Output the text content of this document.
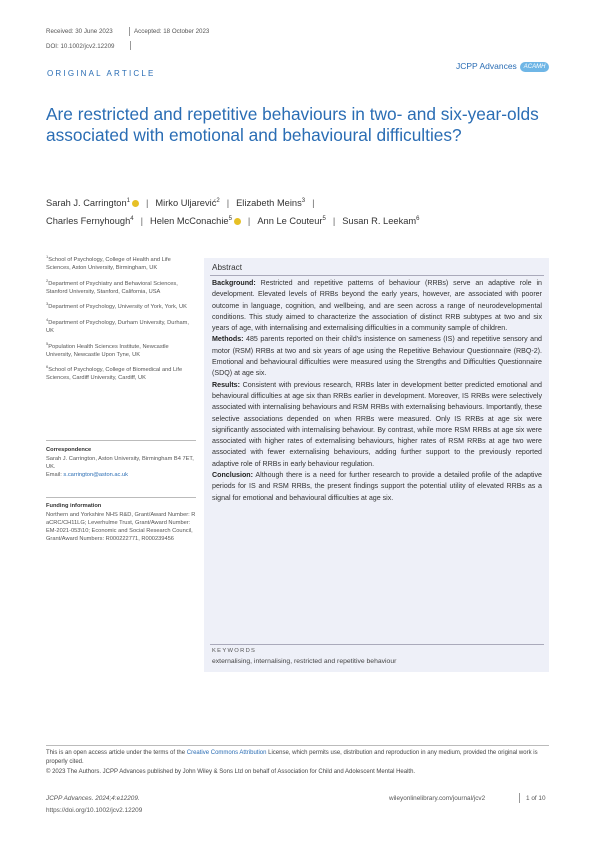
Received: 30 June 2023	Accepted: 18 October 2023
DOI: 10.1002/jcv2.12209
ORIGINAL ARTICLE
JCPP Advances ACAMH
Are restricted and repetitive behaviours in two- and six-year-olds associated with emotional and behavioural difficulties?
Sarah J. Carrington$^1$ | Mirko Uljarević$^2$ | Elizabeth Meins$^3$ |
Charles Fernyhough$^4$ | Helen McConachie$^5$ | Ann Le Couteur$^5$ | Susan R. Leekam$^6$

$^1$School of Psychology, College of Health and Life Sciences, Aston University, Birmingham, UK

$^2$Department of Psychiatry and Behavioral Sciences, Stanford University, Stanford, California, USA

$^3$Department of Psychology, University of York, York, UK

$^4$Department of Psychology, Durham University, Durham, UK

$^5$Population Health Sciences Institute, Newcastle University, Newcastle Upon Tyne, UK

$^6$School of Psychology, College of Biomedical and Life Sciences, Cardiff University, Cardiff, UK

Correspondence

Sarah J. Carrington, Aston University, Birmingham B4 7ET, UK.

Email: s.carrington@aston.ac.uk

Funding information

Northern and Yorkshire NHS R&D, Grant/Award Number: R aCRC/CH11LG; Leverhulme Trust, Grant/Award Number: EM-2021-053\10; Economic and Social Research Council, Grant/Award Numbers: R000222771, R000239456

Abstract

Background: Restricted and repetitive patterns of behaviour (RRBs) serve an adaptive role in development. Elevated levels of RRBs beyond the early years, however, are associated with poorer outcome in language, cognition, and wellbeing, and are seen across a range of neurodevelopmental conditions. This study aimed to characterize the association of distinct RRB subtypes at two and six years of age, with internalising and externalising difficulties in a community sample of children.

Methods: 485 parents reported on their child's insistence on sameness (IS) and repetitive sensory and motor (RSM) RRBs at two and six years of age using the Repetitive Behaviour Questionnaire (RBQ-2). Emotional and behavioural difficulties were measured using the Strengths and Difficulties Questionnaire (SDQ) at age six.

Results: Consistent with previous research, RRBs later in development better predicted emotional and behavioural difficulties at age six than RRBs earlier in development. Moreover, IS RRBs were selectively associated with internalising behaviours and RSM RRBs with externalising behaviours. Importantly, these selective associations depended on when RRBs were measured. Only IS RRBs at age six were significantly associated with internalising behaviour. By contrast, while more RSM RRBs at age six were associated with higher rates of externalising behaviours, higher rates of RSM RRBs at age two were associated with fewer externalising behaviours, adding further support to the previously reported adaptive role of RRBs in early behaviour regulation.

Conclusion: Although there is a need for further research to provide a detailed profile of the adaptive periods for IS and RSM RRBs, the present findings support the potential utility of elevated RRBs as a signal for emotional and behavioural difficulties at age six.

KEYWORDS
externalising, internalising, restricted and repetitive behaviour
This is an open access article under the terms of the Creative Commons Attribution License, which permits use, distribution and reproduction in any medium, provided the original work is properly cited.
© 2023 The Authors. JCPP Advances published by John Wiley & Sons Ltd on behalf of Association for Child and Adolescent Mental Health.
JCPP Advances. 2024;4:e12209.
https://doi.org/10.1002/jcv2.12209
wileyonlinelibrary.com/journal/jcv2	1 of 10
